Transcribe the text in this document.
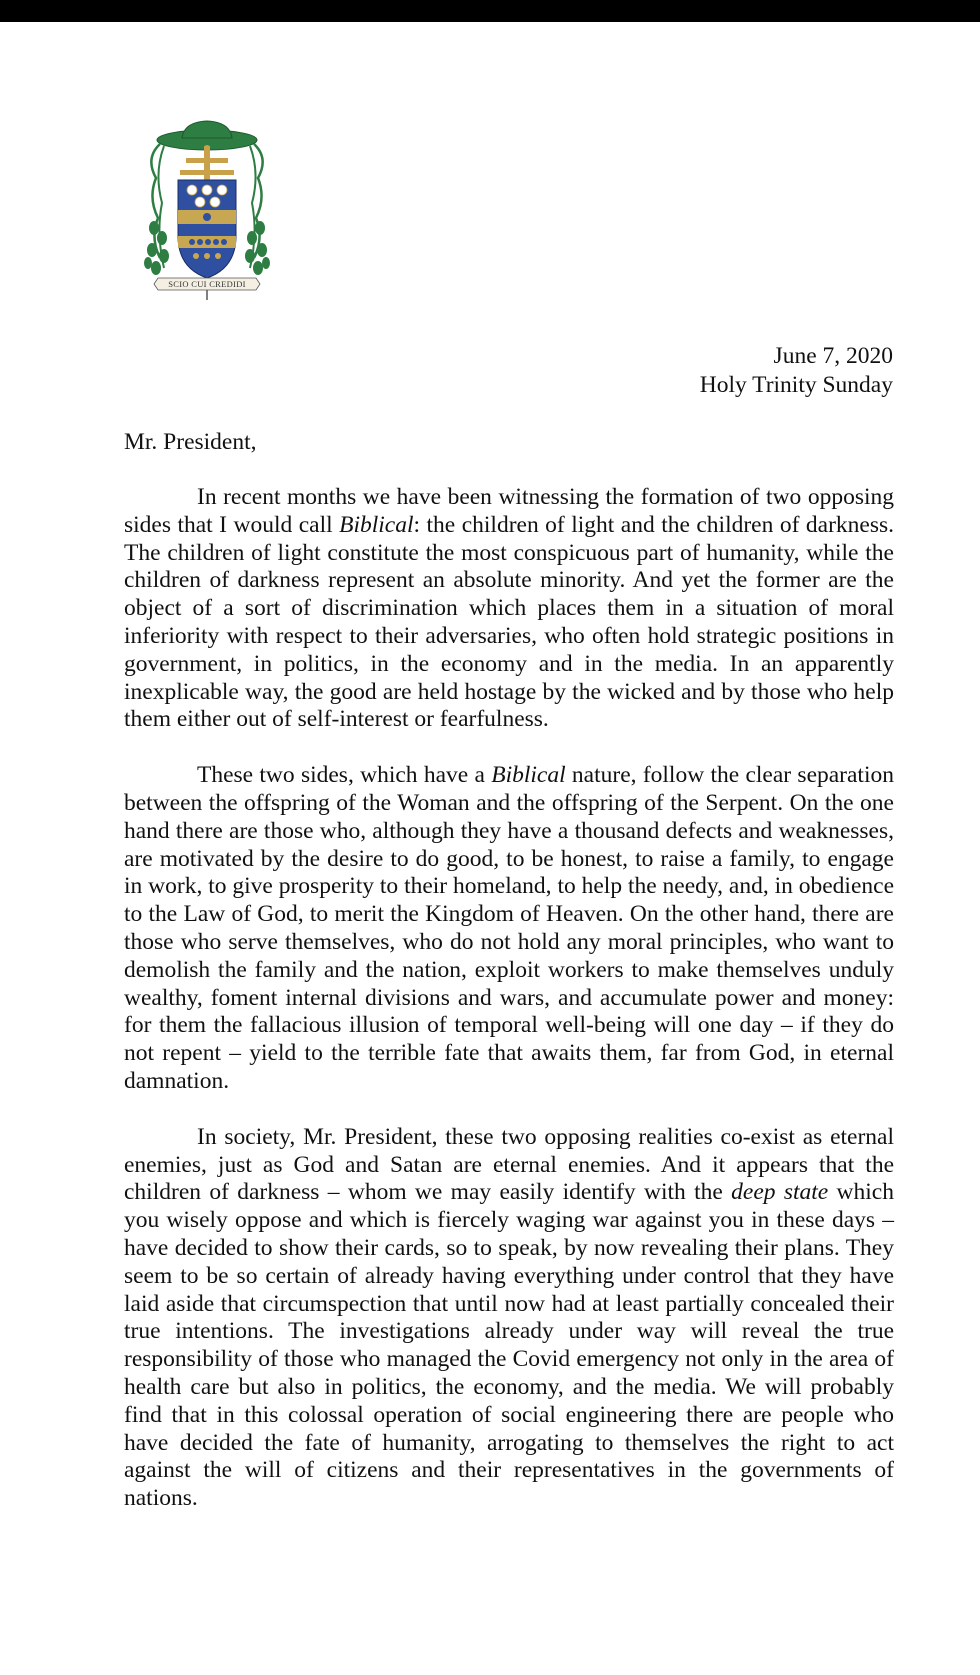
SCIO CUI CREDIDI
June 7, 2020
Holy Trinity Sunday
Mr. President,

In recent months we have been witnessing the formation of two opposing sides that I would call Biblical: the children of light and the children of darkness. The children of light constitute the most conspicuous part of humanity, while the children of darkness represent an absolute minority. And yet the former are the object of a sort of discrimination which places them in a situation of moral inferiority with respect to their adversaries, who often hold strategic positions in government, in politics, in the economy and in the media. In an apparently inexplicable way, the good are held hostage by the wicked and by those who help them either out of self-interest or fearfulness.

These two sides, which have a Biblical nature, follow the clear separation between the offspring of the Woman and the offspring of the Serpent. On the one hand there are those who, although they have a thousand defects and weaknesses, are motivated by the desire to do good, to be honest, to raise a family, to engage in work, to give prosperity to their homeland, to help the needy, and, in obedience to the Law of God, to merit the Kingdom of Heaven. On the other hand, there are those who serve themselves, who do not hold any moral principles, who want to demolish the family and the nation, exploit workers to make themselves unduly wealthy, foment internal divisions and wars, and accumulate power and money: for them the fallacious illusion of temporal well-being will one day – if they do not repent – yield to the terrible fate that awaits them, far from God, in eternal damnation.

In society, Mr. President, these two opposing realities co-exist as eternal enemies, just as God and Satan are eternal enemies. And it appears that the children of darkness – whom we may easily identify with the deep state which you wisely oppose and which is fiercely waging war against you in these days – have decided to show their cards, so to speak, by now revealing their plans. They seem to be so certain of already having everything under control that they have laid aside that circumspection that until now had at least partially concealed their true intentions. The investigations already under way will reveal the true responsibility of those who managed the Covid emergency not only in the area of health care but also in politics, the economy, and the media. We will probably find that in this colossal operation of social engineering there are people who have decided the fate of humanity, arrogating to themselves the right to act against the will of citizens and their representatives in the governments of nations.
